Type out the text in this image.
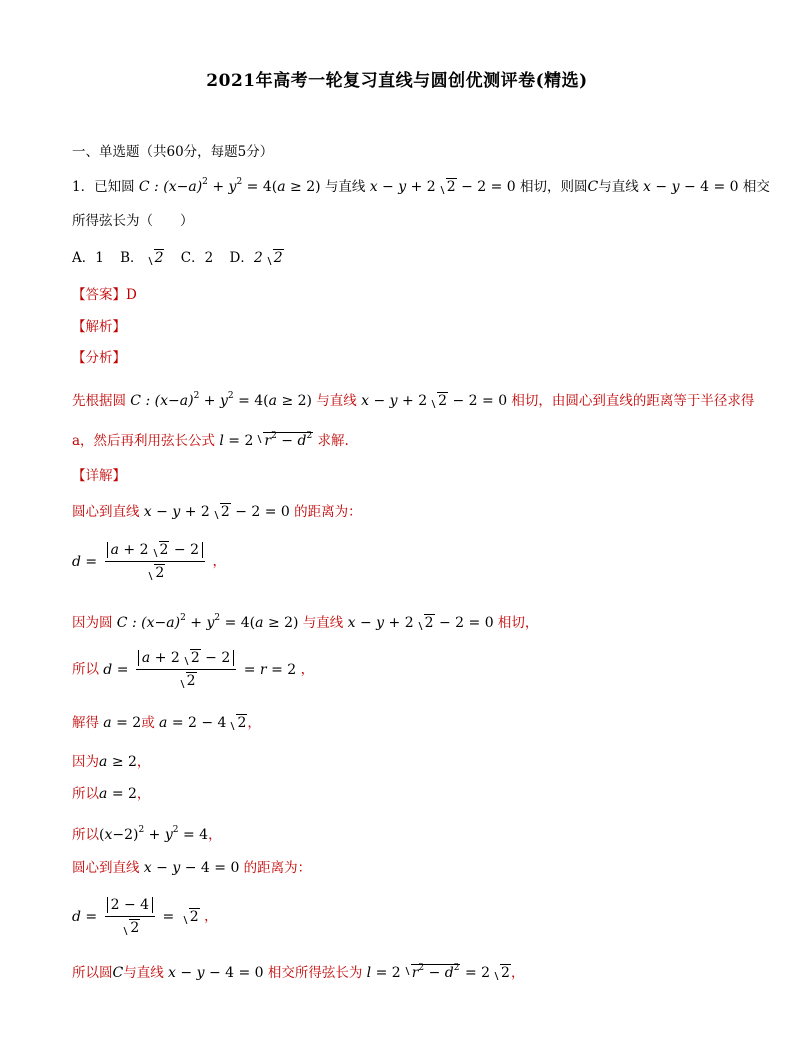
2021年高考一轮复习直线与圆创优测评卷(精选)
一、单选题（共60分，每题5分）
1．已知圆 C : $(x-a)^2 + y^2 = 4(a \ge 2)$ 与直线 x − y + 2 2 − 2 = 0 相切，则圆C与直线 x − y − 4 = 0 相交
所得弦长为（　　）
A．1 B． 2 C．2 D．2 2
【答案】D
【解析】
【分析】
先根据圆 C : $(x-a)^2 + y^2 = 4(a \ge 2)$ 与直线 x − y + 2 2 − 2 = 0 相切，由圆心到直线的距离等于半径求得
a，然后再利用弦长公式 l = 2 $r^2 - d^2$ 求解.
【详解】
圆心到直线 x − y + 2 2 − 2 = 0 的距离为：
$d = \frac{a + 2 2 - 2}{2}$ ，
因为圆 C : $(x-a)^2 + y^2 = 4(a \ge 2)$ 与直线 x − y + 2 2 − 2 = 0 相切，
所以 $d = \frac{a + 2 2 - 2}{2} = r = 2$ ，
解得 a = 2或 a = 2 − 4 2，
因为a ≥ 2，
所以a = 2，
所以$(x-2)^2 + y^2 = 4$，
圆心到直线 x − y − 4 = 0 的距离为：
$d = \frac{2 - 4}{2} = 2$ ，
所以圆C与直线 x − y − 4 = 0 相交所得弦长为 l = 2 $r^2 - d^2 = 2$ 2，
